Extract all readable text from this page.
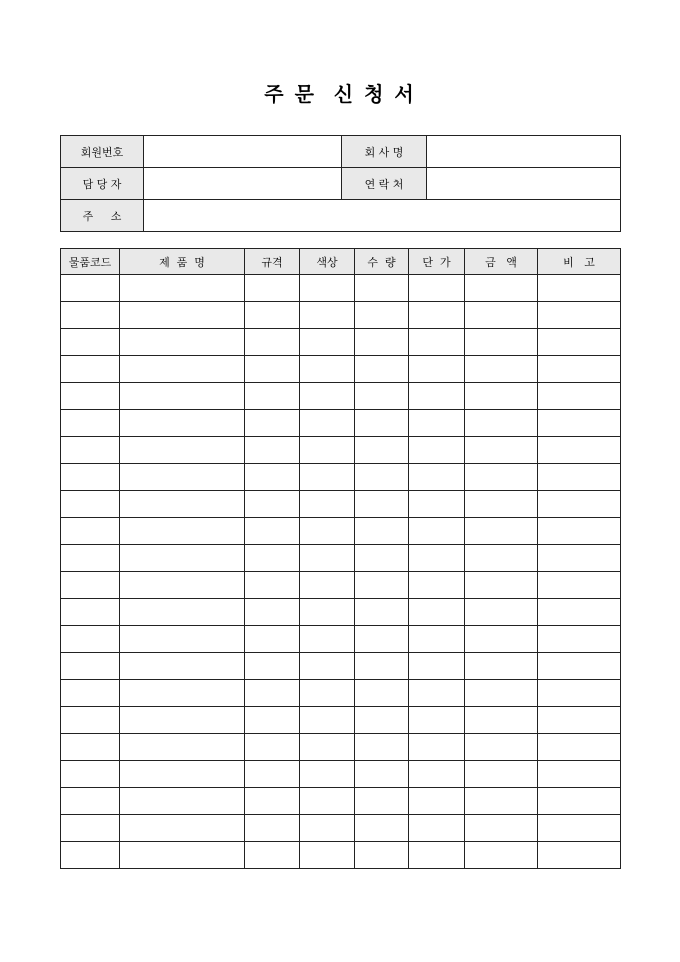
주 문  신 청 서
회원번호		회 사 명	
담 당 자		연 락 처	
주     소			
물품코드	제  품  명	규격	색상	수  량	단  가	금   액	비   고
